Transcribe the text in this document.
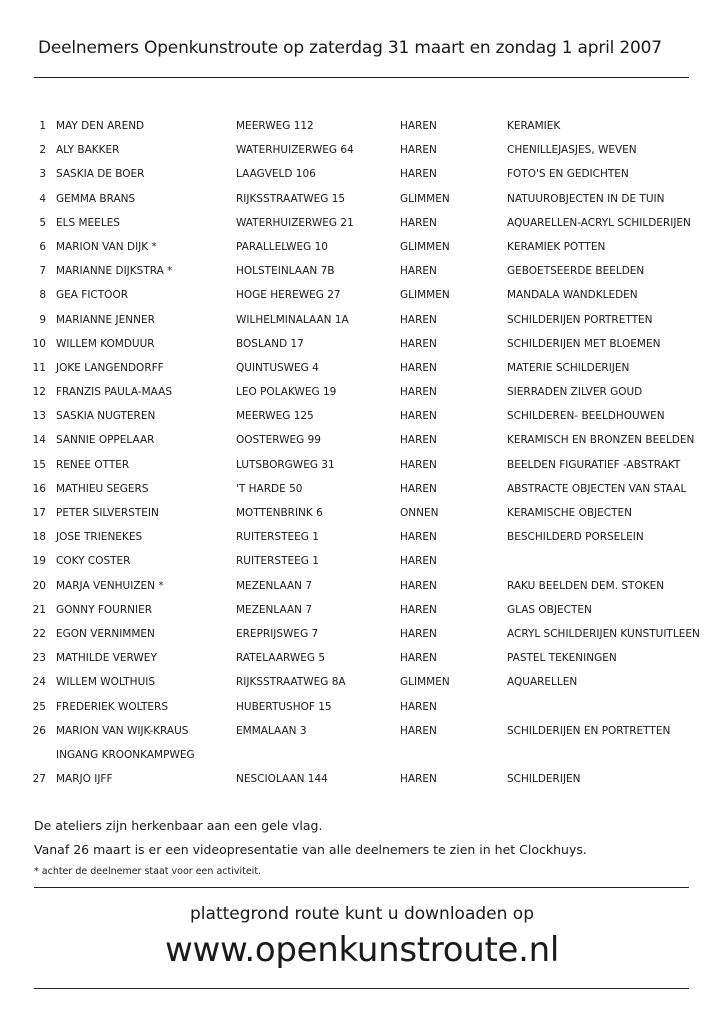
Deelnemers Openkunstroute op zaterdag 31 maart en zondag 1 april 2007
1 MAY DEN AREND	MEERWEG 112	HAREN	KERAMIEK
2 ALY BAKKER	WATERHUIZERWEG 64	HAREN	CHENILLEJASJES, WEVEN
3 SASKIA DE BOER	LAAGVELD 106	HAREN	FOTO'S EN GEDICHTEN
4 GEMMA BRANS	RIJKSSTRAATWEG 15	GLIMMEN	NATUUROBJECTEN IN DE TUIN
5 ELS MEELES	WATERHUIZERWEG 21	HAREN	AQUARELLEN-ACRYL SCHILDERIJEN
6 MARION VAN DIJK *	PARALLELWEG 10	GLIMMEN	KERAMIEK POTTEN
7 MARIANNE DIJKSTRA *	HOLSTEINLAAN 7B	HAREN	GEBOETSEERDE BEELDEN
8 GEA FICTOOR	HOGE HEREWEG 27	GLIMMEN	MANDALA WANDKLEDEN
9 MARIANNE JENNER	WILHELMINALAAN 1A	HAREN	SCHILDERIJEN PORTRETTEN
10 WILLEM KOMDUUR	BOSLAND 17	HAREN	SCHILDERIJEN MET BLOEMEN
11 JOKE LANGENDORFF	QUINTUSWEG 4	HAREN	MATERIE SCHILDERIJEN
12 FRANZIS PAULA-MAAS	LEO POLAKWEG 19	HAREN	SIERRADEN ZILVER GOUD
13 SASKIA NUGTEREN	MEERWEG 125	HAREN	SCHILDEREN- BEELDHOUWEN
14 SANNIE OPPELAAR	OOSTERWEG 99	HAREN	KERAMISCH EN BRONZEN BEELDEN
15 RENEE OTTER	LUTSBORGWEG 31	HAREN	BEELDEN FIGURATIEF -ABSTRAKT
16 MATHIEU SEGERS	'T HARDE 50	HAREN	ABSTRACTE OBJECTEN VAN STAAL
17 PETER SILVERSTEIN	MOTTENBRINK 6	ONNEN	KERAMISCHE OBJECTEN
18 JOSE TRIENEKES	RUITERSTEEG 1	HAREN	BESCHILDERD PORSELEIN
19 COKY COSTER	RUITERSTEEG 1	HAREN
20 MARJA VENHUIZEN *	MEZENLAAN 7	HAREN	RAKU BEELDEN DEM. STOKEN
21 GONNY FOURNIER	MEZENLAAN 7	HAREN	GLAS OBJECTEN
22 EGON VERNIMMEN	EREPRIJSWEG 7	HAREN	ACRYL SCHILDERIJEN KUNSTUITLEEN
23 MATHILDE VERWEY	RATELAARWEG 5	HAREN	PASTEL TEKENINGEN
24 WILLEM WOLTHUIS	RIJKSSTRAATWEG 8A	GLIMMEN	AQUARELLEN
25 FREDERIEK WOLTERS	HUBERTUSHOF 15	HAREN
26 MARION VAN WIJK-KRAUS	EMMALAAN 3	HAREN	SCHILDERIJEN EN PORTRETTEN
INGANG KROONKAMPWEG
27 MARJO IJFF	NESCIOLAAN 144	HAREN	SCHILDERIJEN
De ateliers zijn herkenbaar aan een gele vlag.
Vanaf 26 maart is er een videopresentatie van alle deelnemers te zien in het Clockhuys.
* achter de deelnemer staat voor een activiteit.
plattegrond route kunt u downloaden op
www.openkunstroute.nl
